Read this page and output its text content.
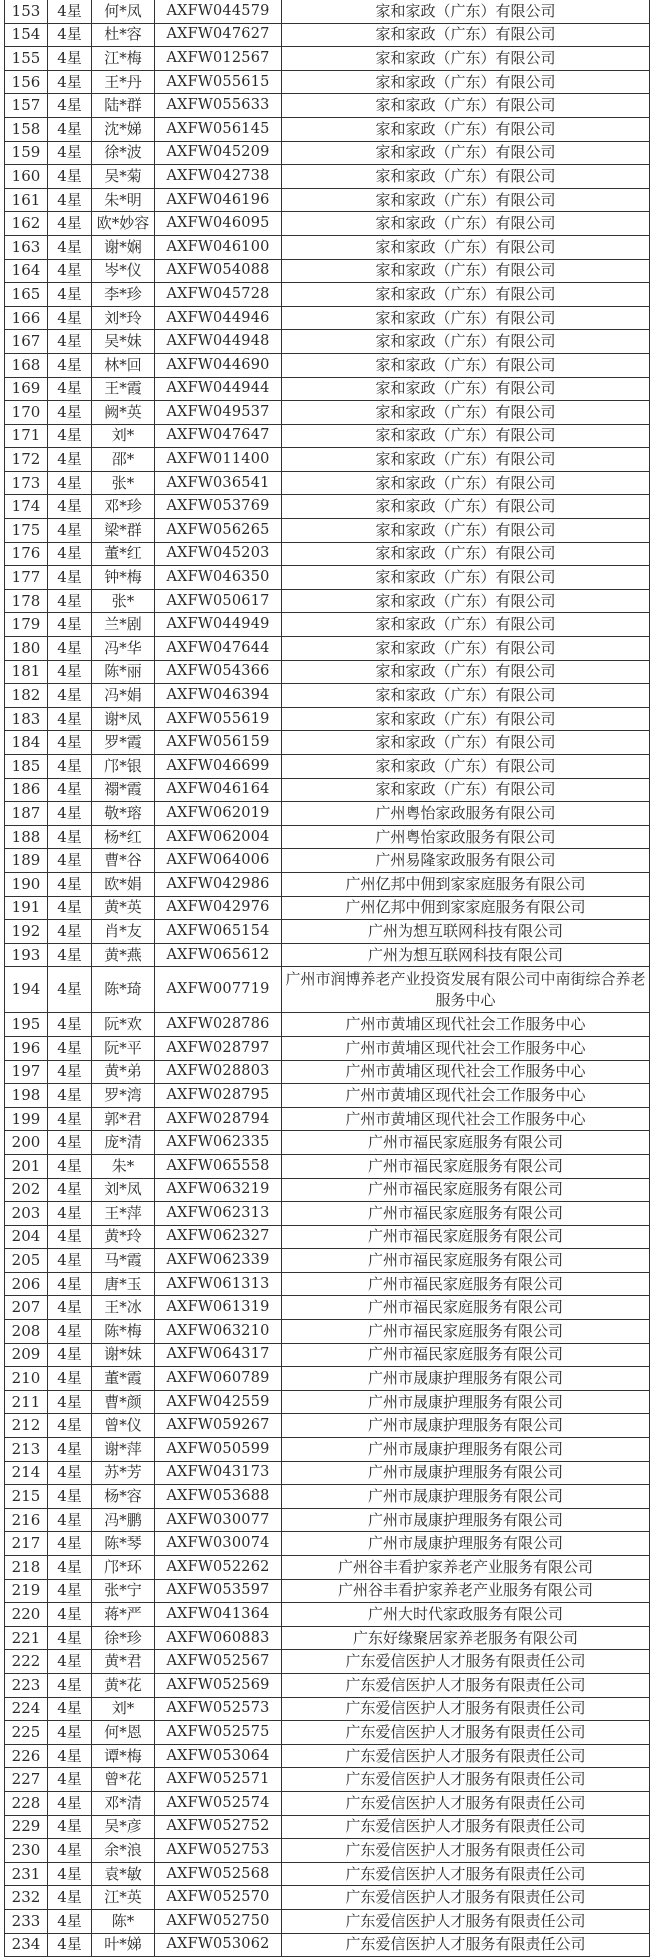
153	4星	何*凤	AXFW044579	家和家政（广东）有限公司
154	4星	杜*容	AXFW047627	家和家政（广东）有限公司
155	4星	江*梅	AXFW012567	家和家政（广东）有限公司
156	4星	王*丹	AXFW055615	家和家政（广东）有限公司
157	4星	陆*群	AXFW055633	家和家政（广东）有限公司
158	4星	沈*娣	AXFW056145	家和家政（广东）有限公司
159	4星	徐*波	AXFW045209	家和家政（广东）有限公司
160	4星	吴*菊	AXFW042738	家和家政（广东）有限公司
161	4星	朱*明	AXFW046196	家和家政（广东）有限公司
162	4星	欧*妙容	AXFW046095	家和家政（广东）有限公司
163	4星	谢*娴	AXFW046100	家和家政（广东）有限公司
164	4星	岑*仪	AXFW054088	家和家政（广东）有限公司
165	4星	李*珍	AXFW045728	家和家政（广东）有限公司
166	4星	刘*玲	AXFW044946	家和家政（广东）有限公司
167	4星	吴*妹	AXFW044948	家和家政（广东）有限公司
168	4星	林*回	AXFW044690	家和家政（广东）有限公司
169	4星	王*霞	AXFW044944	家和家政（广东）有限公司
170	4星	阙*英	AXFW049537	家和家政（广东）有限公司
171	4星	刘*	AXFW047647	家和家政（广东）有限公司
172	4星	邵*	AXFW011400	家和家政（广东）有限公司
173	4星	张*	AXFW036541	家和家政（广东）有限公司
174	4星	邓*珍	AXFW053769	家和家政（广东）有限公司
175	4星	梁*群	AXFW056265	家和家政（广东）有限公司
176	4星	董*红	AXFW045203	家和家政（广东）有限公司
177	4星	钟*梅	AXFW046350	家和家政（广东）有限公司
178	4星	张*	AXFW050617	家和家政（广东）有限公司
179	4星	兰*剧	AXFW044949	家和家政（广东）有限公司
180	4星	冯*华	AXFW047644	家和家政（广东）有限公司
181	4星	陈*丽	AXFW054366	家和家政（广东）有限公司
182	4星	冯*娟	AXFW046394	家和家政（广东）有限公司
183	4星	谢*凤	AXFW055619	家和家政（广东）有限公司
184	4星	罗*霞	AXFW056159	家和家政（广东）有限公司
185	4星	邝*银	AXFW046699	家和家政（广东）有限公司
186	4星	禤*霞	AXFW046164	家和家政（广东）有限公司
187	4星	敬*瑢	AXFW062019	广州粤怡家政服务有限公司
188	4星	杨*红	AXFW062004	广州粤怡家政服务有限公司
189	4星	曹*谷	AXFW064006	广州易隆家政服务有限公司
190	4星	欧*娟	AXFW042986	广州亿邦中佣到家家庭服务有限公司
191	4星	黄*英	AXFW042976	广州亿邦中佣到家家庭服务有限公司
192	4星	肖*友	AXFW065154	广州为想互联网科技有限公司
193	4星	黄*燕	AXFW065612	广州为想互联网科技有限公司
194	4星	陈*琦	AXFW007719	广州市润博养老产业投资发展有限公司中南街综合养老服务中心
195	4星	阮*欢	AXFW028786	广州市黄埔区现代社会工作服务中心
196	4星	阮*平	AXFW028797	广州市黄埔区现代社会工作服务中心
197	4星	黄*弟	AXFW028803	广州市黄埔区现代社会工作服务中心
198	4星	罗*湾	AXFW028795	广州市黄埔区现代社会工作服务中心
199	4星	郭*君	AXFW028794	广州市黄埔区现代社会工作服务中心
200	4星	庞*清	AXFW062335	广州市福民家庭服务有限公司
201	4星	朱*	AXFW065558	广州市福民家庭服务有限公司
202	4星	刘*凤	AXFW063219	广州市福民家庭服务有限公司
203	4星	王*萍	AXFW062313	广州市福民家庭服务有限公司
204	4星	黄*玲	AXFW062327	广州市福民家庭服务有限公司
205	4星	马*霞	AXFW062339	广州市福民家庭服务有限公司
206	4星	唐*玉	AXFW061313	广州市福民家庭服务有限公司
207	4星	王*冰	AXFW061319	广州市福民家庭服务有限公司
208	4星	陈*梅	AXFW063210	广州市福民家庭服务有限公司
209	4星	谢*妹	AXFW064317	广州市福民家庭服务有限公司
210	4星	董*霞	AXFW060789	广州市晟康护理服务有限公司
211	4星	曹*颜	AXFW042559	广州市晟康护理服务有限公司
212	4星	曾*仪	AXFW059267	广州市晟康护理服务有限公司
213	4星	谢*萍	AXFW050599	广州市晟康护理服务有限公司
214	4星	苏*芳	AXFW043173	广州市晟康护理服务有限公司
215	4星	杨*容	AXFW053688	广州市晟康护理服务有限公司
216	4星	冯*鹏	AXFW030077	广州市晟康护理服务有限公司
217	4星	陈*琴	AXFW030074	广州市晟康护理服务有限公司
218	4星	邝*环	AXFW052262	广州谷丰看护家养老产业服务有限公司
219	4星	张*宁	AXFW053597	广州谷丰看护家养老产业服务有限公司
220	4星	蒋*严	AXFW041364	广州大时代家政服务有限公司
221	4星	徐*珍	AXFW060883	广东好缘聚居家养老服务有限公司
222	4星	黄*君	AXFW052567	广东爱信医护人才服务有限责任公司
223	4星	黄*花	AXFW052569	广东爱信医护人才服务有限责任公司
224	4星	刘*	AXFW052573	广东爱信医护人才服务有限责任公司
225	4星	何*恩	AXFW052575	广东爱信医护人才服务有限责任公司
226	4星	谭*梅	AXFW053064	广东爱信医护人才服务有限责任公司
227	4星	曾*花	AXFW052571	广东爱信医护人才服务有限责任公司
228	4星	邓*清	AXFW052574	广东爱信医护人才服务有限责任公司
229	4星	吴*彦	AXFW052752	广东爱信医护人才服务有限责任公司
230	4星	余*浪	AXFW052753	广东爱信医护人才服务有限责任公司
231	4星	袁*敏	AXFW052568	广东爱信医护人才服务有限责任公司
232	4星	江*英	AXFW052570	广东爱信医护人才服务有限责任公司
233	4星	陈*	AXFW052750	广东爱信医护人才服务有限责任公司
234	4星	叶*娣	AXFW053062	广东爱信医护人才服务有限责任公司
